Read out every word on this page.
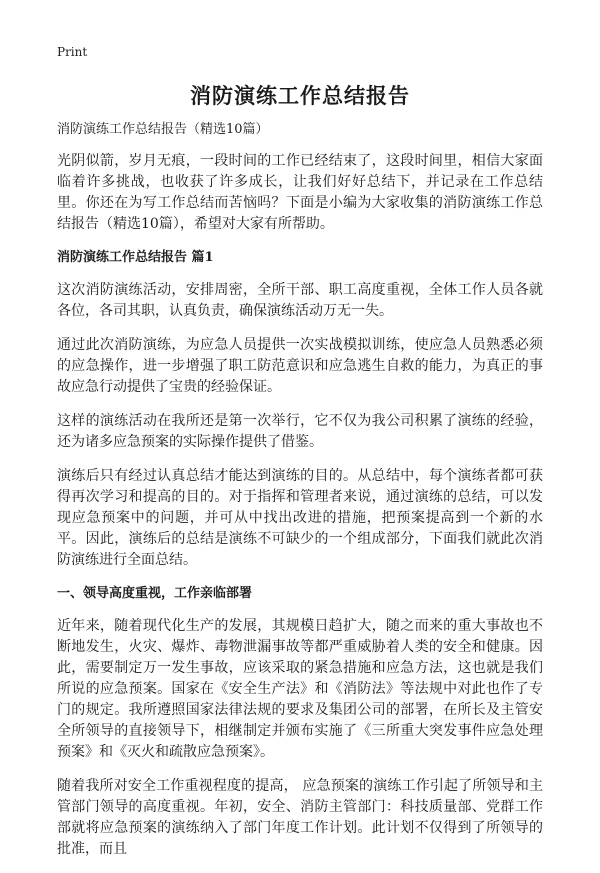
Print
消防演练工作总结报告
消防演练工作总结报告（精选10篇）

光阴似箭，岁月无痕，一段时间的工作已经结束了，这段时间里，相信大家面临着许多挑战，也收获了许多成长，让我们好好总结下，并记录在工作总结里。你还在为写工作总结而苦恼吗？下面是小编为大家收集的消防演练工作总结报告（精选10篇），希望对大家有所帮助。

消防演练工作总结报告 篇1

这次消防演练活动，安排周密，全所干部、职工高度重视，全体工作人员各就各位，各司其职，认真负责，确保演练活动万无一失。

通过此次消防演练，为应急人员提供一次实战模拟训练，使应急人员熟悉必须的应急操作，进一步增强了职工防范意识和应急逃生自救的能力，为真正的事故应急行动提供了宝贵的经验保证。

这样的演练活动在我所还是第一次举行，它不仅为我公司积累了演练的经验，还为诸多应急预案的实际操作提供了借鉴。

演练后只有经过认真总结才能达到演练的目的。从总结中，每个演练者都可获得再次学习和提高的目的。对于指挥和管理者来说，通过演练的总结，可以发现应急预案中的问题，并可从中找出改进的措施，把预案提高到一个新的水平。因此，演练后的总结是演练不可缺少的一个组成部分，下面我们就此次消防演练进行全面总结。

一、领导高度重视，工作亲临部署

近年来，随着现代化生产的发展，其规模日趋扩大，随之而来的重大事故也不断地发生，火灾、爆炸、毒物泄漏事故等都严重威胁着人类的安全和健康。因此，需要制定万一发生事故，应该采取的紧急措施和应急方法，这也就是我们所说的应急预案。国家在《安全生产法》和《消防法》等法规中对此也作了专门的规定。我所遵照国家法律法规的要求及集团公司的部署，在所长及主管安全所领导的直接领导下，相继制定并颁布实施了《三所重大突发事件应急处理预案》和《灭火和疏散应急预案》。

随着我所对安全工作重视程度的提高， 应急预案的演练工作引起了所领导和主管部门领导的高度重视。年初，安全、消防主管部门：科技质量部、党群工作部就将应急预案的演练纳入了部门年度工作计划。此计划不仅得到了所领导的批准，而且
